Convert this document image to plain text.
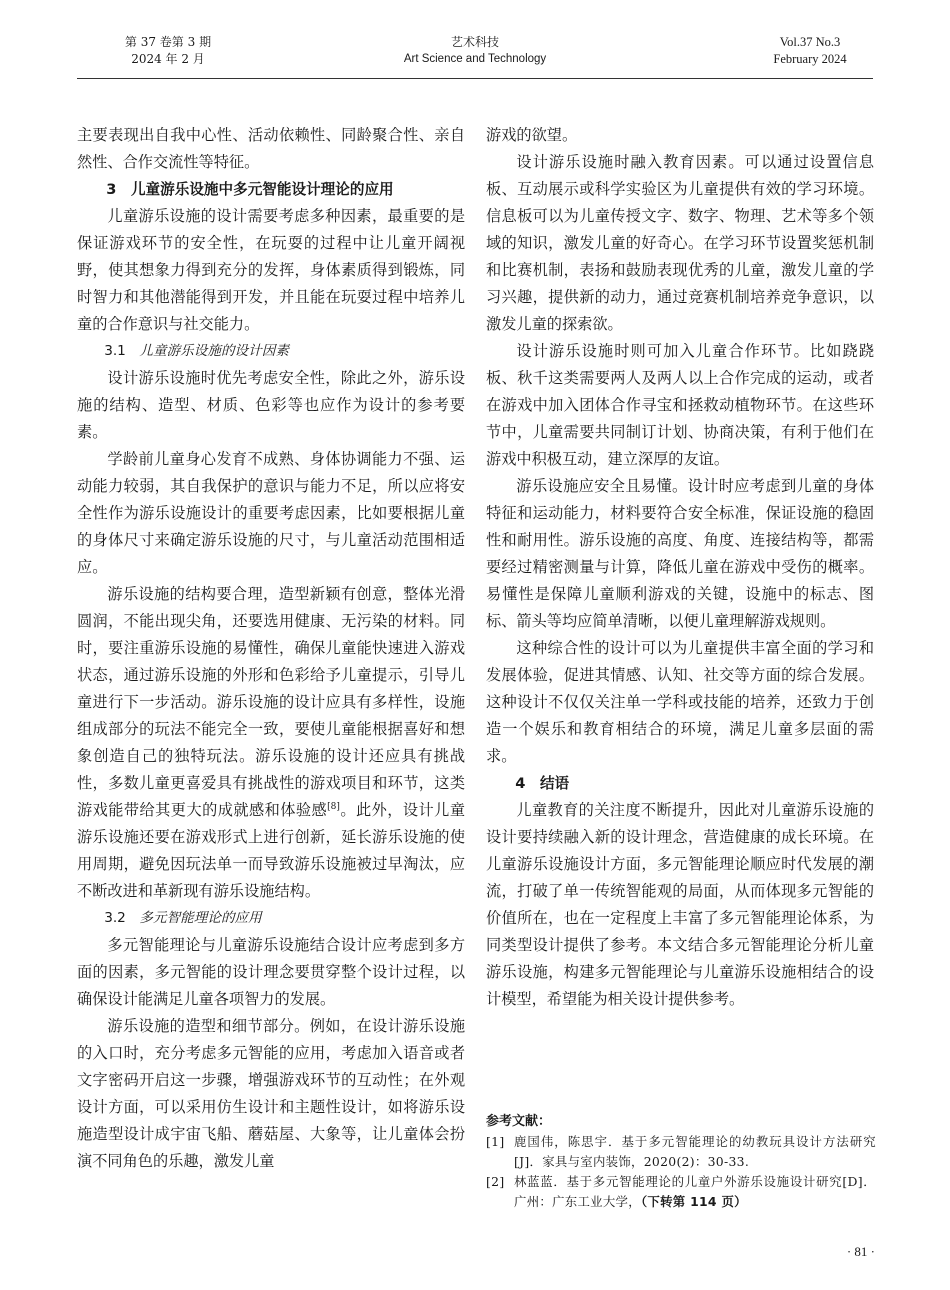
第 37 卷第 3 期
2024 年 2 月
艺术科技
Art Science and Technology
Vol.37 No.3
February 2024

主要表现出自我中心性、活动依赖性、同龄聚合性、亲自然性、合作交流性等特征。

3 儿童游乐设施中多元智能设计理论的应用

儿童游乐设施的设计需要考虑多种因素，最重要的是保证游戏环节的安全性，在玩耍的过程中让儿童开阔视野，使其想象力得到充分的发挥，身体素质得到锻炼，同时智力和其他潜能得到开发，并且能在玩耍过程中培养儿童的合作意识与社交能力。

3.1 儿童游乐设施的设计因素

设计游乐设施时优先考虑安全性，除此之外，游乐设施的结构、造型、材质、色彩等也应作为设计的参考要素。

学龄前儿童身心发育不成熟、身体协调能力不强、运动能力较弱，其自我保护的意识与能力不足，所以应将安全性作为游乐设施设计的重要考虑因素，比如要根据儿童的身体尺寸来确定游乐设施的尺寸，与儿童活动范围相适应。

游乐设施的结构要合理，造型新颖有创意，整体光滑圆润，不能出现尖角，还要选用健康、无污染的材料。同时，要注重游乐设施的易懂性，确保儿童能快速进入游戏状态，通过游乐设施的外形和色彩给予儿童提示，引导儿童进行下一步活动。游乐设施的设计应具有多样性，设施组成部分的玩法不能完全一致，要使儿童能根据喜好和想象创造自己的独特玩法。游乐设施的设计还应具有挑战性，多数儿童更喜爱具有挑战性的游戏项目和环节，这类游戏能带给其更大的成就感和体验感[8]。此外，设计儿童游乐设施还要在游戏形式上进行创新，延长游乐设施的使用周期，避免因玩法单一而导致游乐设施被过早淘汰，应不断改进和革新现有游乐设施结构。

3.2 多元智能理论的应用

多元智能理论与儿童游乐设施结合设计应考虑到多方面的因素，多元智能的设计理念要贯穿整个设计过程，以确保设计能满足儿童各项智力的发展。

游乐设施的造型和细节部分。例如，在设计游乐设施的入口时，充分考虑多元智能的应用，考虑加入语音或者文字密码开启这一步骤，增强游戏环节的互动性；在外观设计方面，可以采用仿生设计和主题性设计，如将游乐设施造型设计成宇宙飞船、蘑菇屋、大象等，让儿童体会扮演不同角色的乐趣，激发儿童

游戏的欲望。

设计游乐设施时融入教育因素。可以通过设置信息板、互动展示或科学实验区为儿童提供有效的学习环境。信息板可以为儿童传授文字、数字、物理、艺术等多个领域的知识，激发儿童的好奇心。在学习环节设置奖惩机制和比赛机制，表扬和鼓励表现优秀的儿童，激发儿童的学习兴趣，提供新的动力，通过竞赛机制培养竞争意识，以激发儿童的探索欲。

设计游乐设施时则可加入儿童合作环节。比如跷跷板、秋千这类需要两人及两人以上合作完成的运动，或者在游戏中加入团体合作寻宝和拯救动植物环节。在这些环节中，儿童需要共同制订计划、协商决策，有利于他们在游戏中积极互动，建立深厚的友谊。

游乐设施应安全且易懂。设计时应考虑到儿童的身体特征和运动能力，材料要符合安全标准，保证设施的稳固性和耐用性。游乐设施的高度、角度、连接结构等，都需要经过精密测量与计算，降低儿童在游戏中受伤的概率。易懂性是保障儿童顺利游戏的关键，设施中的标志、图标、箭头等均应简单清晰，以便儿童理解游戏规则。

这种综合性的设计可以为儿童提供丰富全面的学习和发展体验，促进其情感、认知、社交等方面的综合发展。这种设计不仅仅关注单一学科或技能的培养，还致力于创造一个娱乐和教育相结合的环境，满足儿童多层面的需求。

4 结语

儿童教育的关注度不断提升，因此对儿童游乐设施的设计要持续融入新的设计理念，营造健康的成长环境。在儿童游乐设施设计方面，多元智能理论顺应时代发展的潮流，打破了单一传统智能观的局面，从而体现多元智能的价值所在，也在一定程度上丰富了多元智能理论体系，为同类型设计提供了参考。本文结合多元智能理论分析儿童游乐设施，构建多元智能理论与儿童游乐设施相结合的设计模型，希望能为相关设计提供参考。

参考文献：
[1] 鹿国伟，陈思宇．基于多元智能理论的幼教玩具设计方法研究[J]．家具与室内装饰，2020(2)：30-33.
[2] 林蓝蓝．基于多元智能理论的儿童户外游乐设施设计研究[D]．广州：广东工业大学，（下转第 114 页）
· 81 ·
